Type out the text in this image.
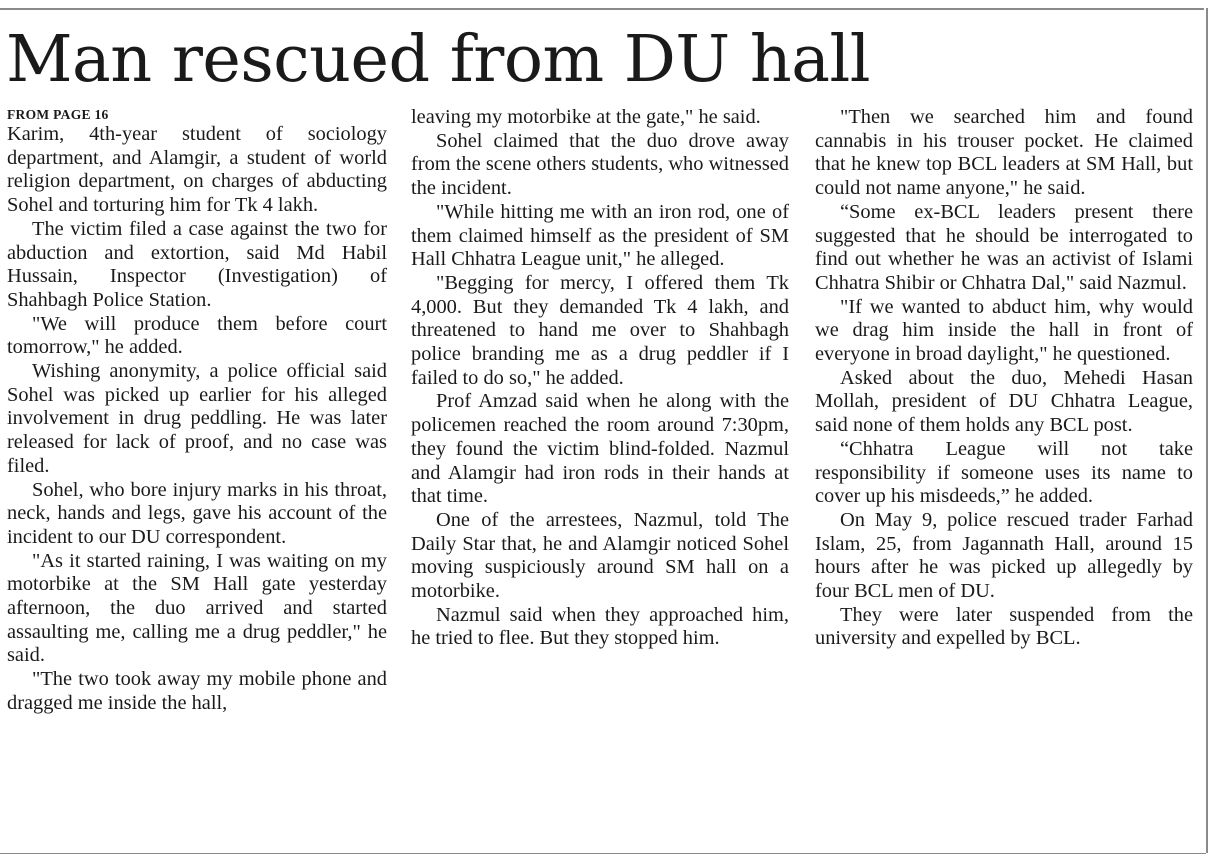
Man rescued from DU hall
FROM PAGE 16

Karim, 4th-year student of sociology department, and Alamgir, a student of world religion department, on charges of abducting Sohel and torturing him for Tk 4 lakh.

The victim filed a case against the two for abduction and extortion, said Md Habil Hussain, Inspector (Investigation) of Shahbagh Police Station.

"We will produce them before court tomorrow," he added.

Wishing anonymity, a police official said Sohel was picked up earlier for his alleged involvement in drug peddling. He was later released for lack of proof, and no case was filed.

Sohel, who bore injury marks in his throat, neck, hands and legs, gave his account of the incident to our DU correspondent.

"As it started raining, I was waiting on my motorbike at the SM Hall gate yesterday afternoon, the duo arrived and started assaulting me, calling me a drug peddler," he said.

"The two took away my mobile phone and dragged me inside the hall,

leaving my motorbike at the gate," he said.

Sohel claimed that the duo drove away from the scene others students, who witnessed the incident.

"While hitting me with an iron rod, one of them claimed himself as the president of SM Hall Chhatra League unit," he alleged.

"Begging for mercy, I offered them Tk 4,000. But they demanded Tk 4 lakh, and threatened to hand me over to Shahbagh police branding me as a drug peddler if I failed to do so," he added.

Prof Amzad said when he along with the policemen reached the room around 7:30pm, they found the victim blind-folded. Nazmul and Alamgir had iron rods in their hands at that time.

One of the arrestees, Nazmul, told The Daily Star that, he and Alamgir noticed Sohel moving suspiciously around SM hall on a motorbike.

Nazmul said when they approached him, he tried to flee. But they stopped him.

"Then we searched him and found cannabis in his trouser pocket. He claimed that he knew top BCL leaders at SM Hall, but could not name anyone," he said.

“Some ex-BCL leaders present there suggested that he should be interrogated to find out whether he was an activist of Islami Chhatra Shibir or Chhatra Dal," said Nazmul.

"If we wanted to abduct him, why would we drag him inside the hall in front of everyone in broad daylight," he questioned.

Asked about the duo, Mehedi Hasan Mollah, president of DU Chhatra League, said none of them holds any BCL post.

“Chhatra League will not take responsibility if someone uses its name to cover up his misdeeds,” he added.

On May 9, police rescued trader Farhad Islam, 25, from Jagannath Hall, around 15 hours after he was picked up allegedly by four BCL men of DU.

They were later suspended from the university and expelled by BCL.
